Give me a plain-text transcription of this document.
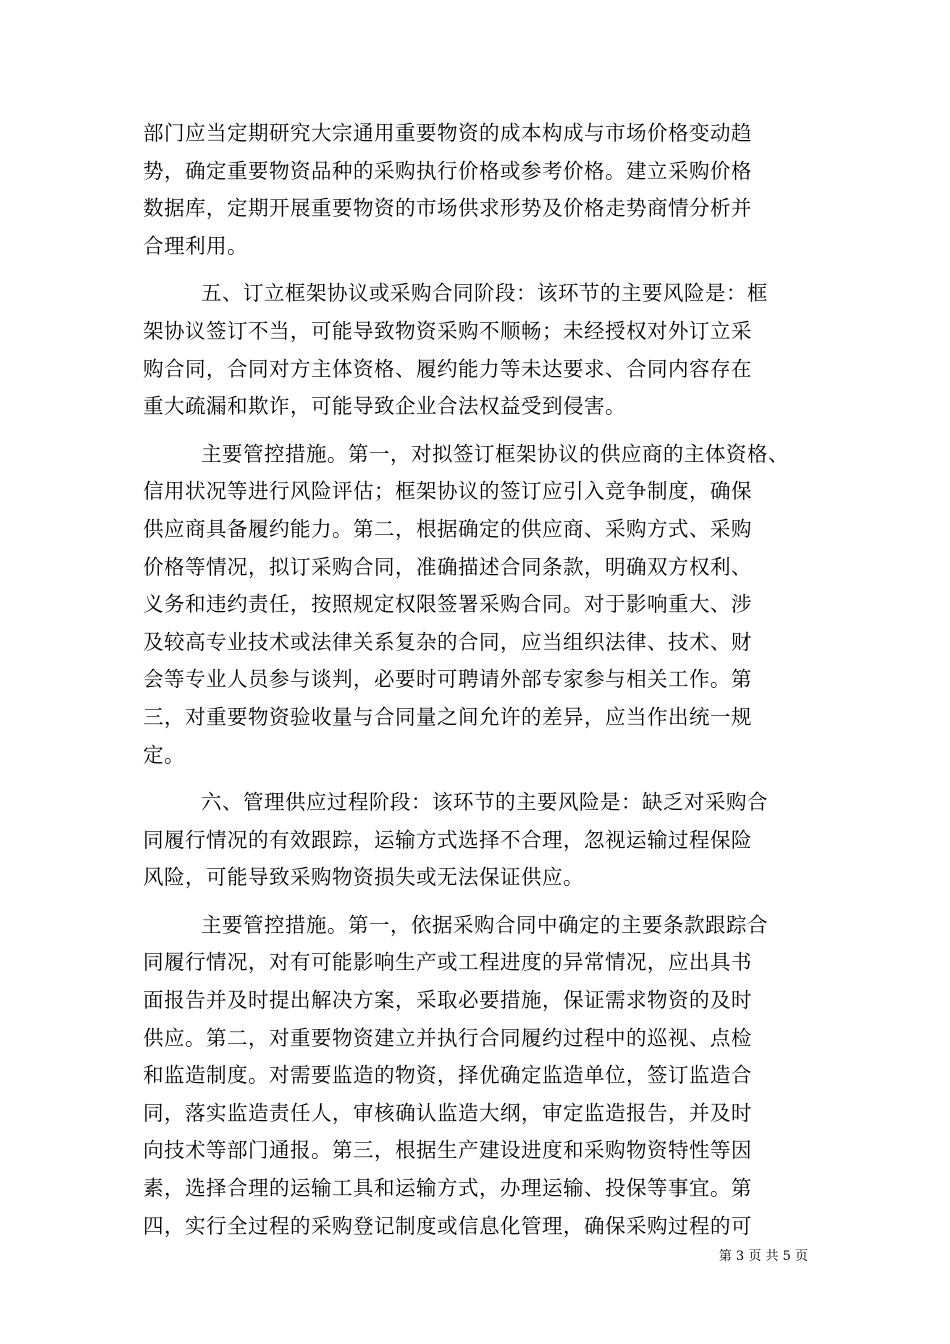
部门应当定期研究大宗通用重要物资的成本构成与市场价格变动趋
势，确定重要物资品种的采购执行价格或参考价格。建立采购价格
数据库，定期开展重要物资的市场供求形势及价格走势商情分析并
合理利用。

五、订立框架协议或采购合同阶段：该环节的主要风险是：框
架协议签订不当，可能导致物资采购不顺畅；未经授权对外订立采
购合同，合同对方主体资格、履约能力等未达要求、合同内容存在
重大疏漏和欺诈，可能导致企业合法权益受到侵害。

主要管控措施。第一，对拟签订框架协议的供应商的主体资格、
信用状况等进行风险评估；框架协议的签订应引入竞争制度，确保
供应商具备履约能力。第二，根据确定的供应商、采购方式、采购
价格等情况，拟订采购合同，准确描述合同条款，明确双方权利、
义务和违约责任，按照规定权限签署采购合同。对于影响重大、涉
及较高专业技术或法律关系复杂的合同，应当组织法律、技术、财
会等专业人员参与谈判，必要时可聘请外部专家参与相关工作。第
三，对重要物资验收量与合同量之间允许的差异，应当作出统一规
定。

六、管理供应过程阶段：该环节的主要风险是：缺乏对采购合
同履行情况的有效跟踪，运输方式选择不合理，忽视运输过程保险
风险，可能导致采购物资损失或无法保证供应。

主要管控措施。第一，依据采购合同中确定的主要条款跟踪合
同履行情况，对有可能影响生产或工程进度的异常情况，应出具书
面报告并及时提出解决方案，采取必要措施，保证需求物资的及时
供应。第二，对重要物资建立并执行合同履约过程中的巡视、点检
和监造制度。对需要监造的物资，择优确定监造单位，签订监造合
同，落实监造责任人，审核确认监造大纲，审定监造报告，并及时
向技术等部门通报。第三，根据生产建设进度和采购物资特性等因
素，选择合理的运输工具和运输方式，办理运输、投保等事宜。第
四，实行全过程的采购登记制度或信息化管理，确保采购过程的可

第 3 页 共 5 页
